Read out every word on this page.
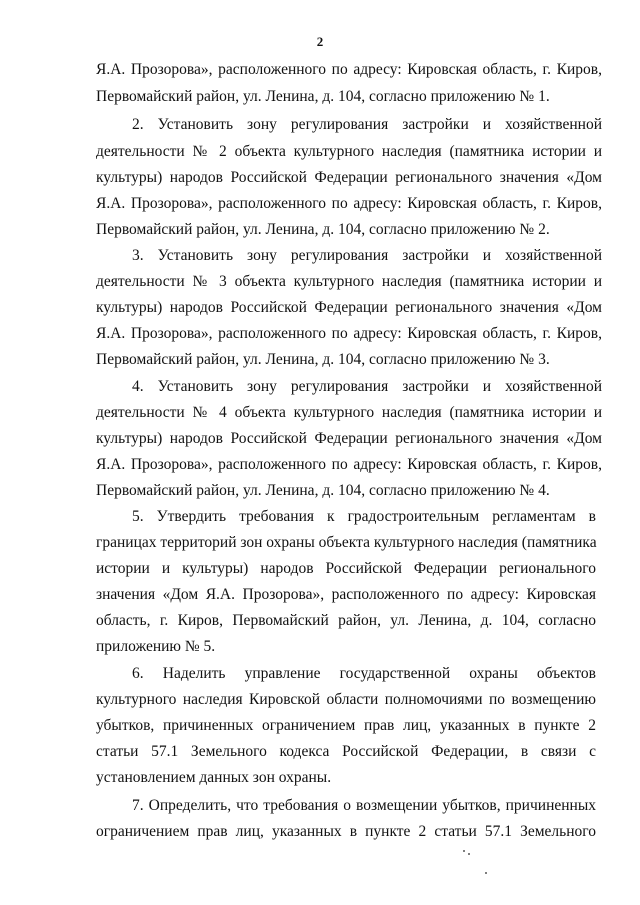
2
Я.А. Прозорова», расположенного по адресу: Кировская область, г. Киров,
Первомайский район, ул. Ленина, д. 104, согласно приложению № 1.
2. Установить зону регулирования застройки и хозяйственной
деятельности № 2 объекта культурного наследия (памятника истории и
культуры) народов Российской Федерации регионального значения «Дом
Я.А. Прозорова», расположенного по адресу: Кировская область, г. Киров,
Первомайский район, ул. Ленина, д. 104, согласно приложению № 2.
3. Установить зону регулирования застройки и хозяйственной
деятельности № 3 объекта культурного наследия (памятника истории и
культуры) народов Российской Федерации регионального значения «Дом
Я.А. Прозорова», расположенного по адресу: Кировская область, г. Киров,
Первомайский район, ул. Ленина, д. 104, согласно приложению № 3.
4. Установить зону регулирования застройки и хозяйственной
деятельности № 4 объекта культурного наследия (памятника истории и
культуры) народов Российской Федерации регионального значения «Дом
Я.А. Прозорова», расположенного по адресу: Кировская область, г. Киров,
Первомайский район, ул. Ленина, д. 104, согласно приложению № 4.
5. Утвердить требования к градостроительным регламентам в
границах территорий зон охраны объекта культурного наследия (памятника
истории и культуры) народов Российской Федерации регионального
значения «Дом Я.А. Прозорова», расположенного по адресу: Кировская
область, г. Киров, Первомайский район, ул. Ленина, д. 104, согласно
приложению № 5.
6. Наделить управление государственной охраны объектов
культурного наследия Кировской области полномочиями по возмещению
убытков, причиненных ограничением прав лиц, указанных в пункте 2
статьи 57.1 Земельного кодекса Российской Федерации, в связи с
установлением данных зон охраны.
7. Определить, что требования о возмещении убытков, причиненных
ограничением прав лиц, указанных в пункте 2 статьи 57.1 Земельного
